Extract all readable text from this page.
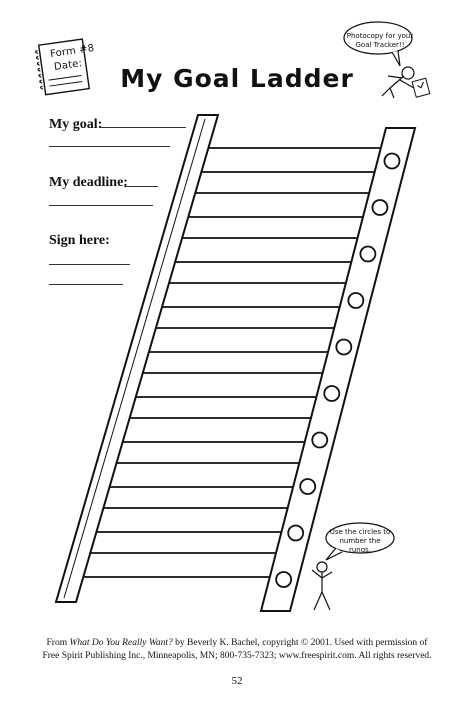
Form #8
Date:	My Goal Ladder
My goal:
My deadline:
Sign here:
Photocopy for your
Goal Tracker!!
Use the circles to
number the rungs.
From What Do You Really Want? by Beverly K. Bachel, copyright © 2001. Used with permission of
Free Spirit Publishing Inc., Minneapolis, MN; 800-735-7323; www.freespirit.com. All rights reserved.
52
